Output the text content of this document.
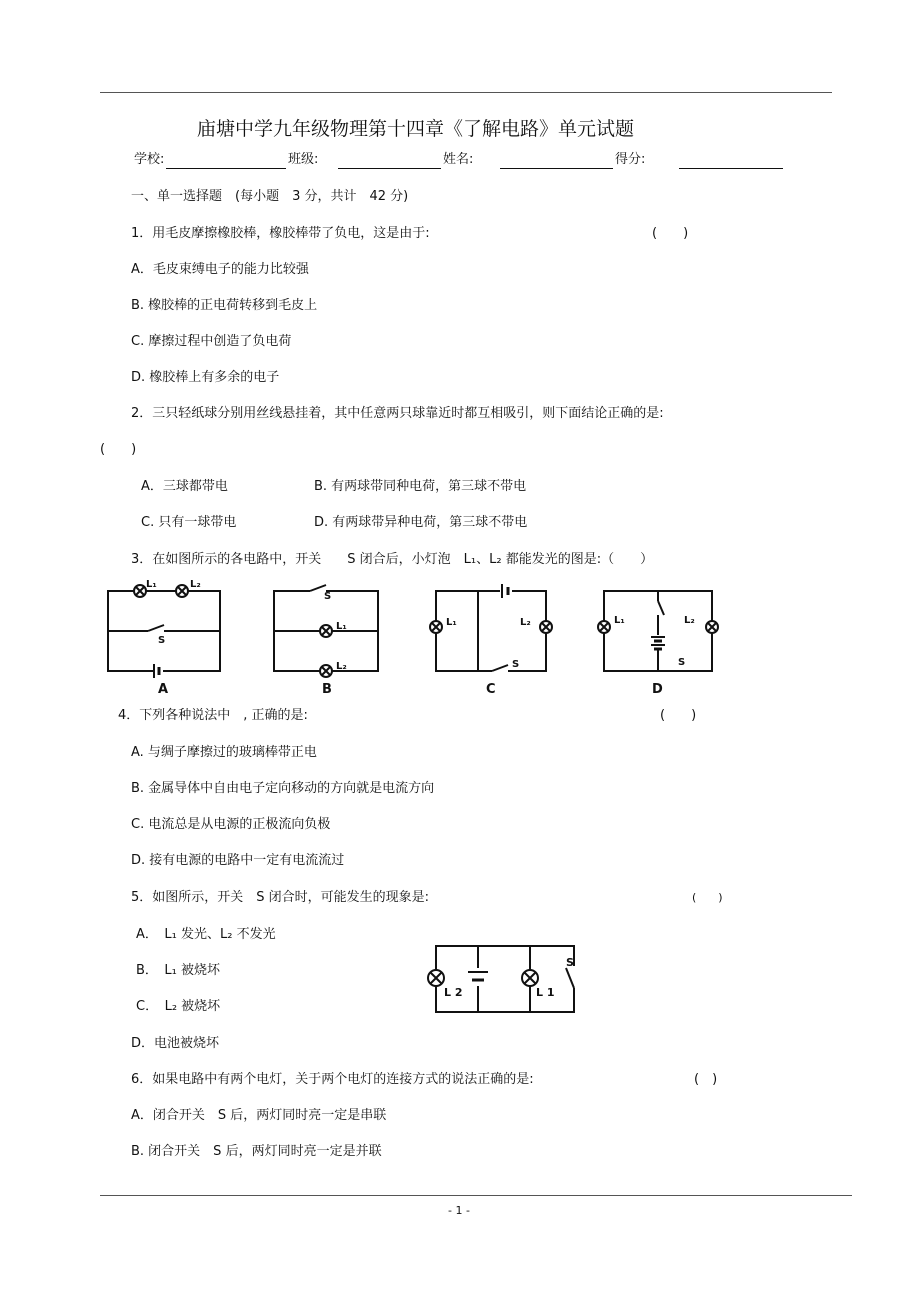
庙塘中学九年级物理第十四章《了解电路》单元试题
学校:	班级:	姓名:	得分:
一、单一选择题　(每小题　3 分，共计　42 分)
1．用毛皮摩擦橡胶棒，橡胶棒带了负电，这是由于:	(　　)
A．毛皮束缚电子的能力比较强
B. 橡胶棒的正电荷转移到毛皮上
C. 摩擦过程中创造了负电荷
D. 橡胶棒上有多余的电子
2．三只轻纸球分别用丝线悬挂着，其中任意两只球靠近时都互相吸引，则下面结论正确的是:
(　　)
A．三球都带电	B. 有两球带同种电荷，第三球不带电
C. 只有一球带电	D. 有两球带异种电荷，第三球不带电
3．在如图所示的各电路中，开关　　S 闭合后，小灯泡　L₁、L₂ 都能发光的图是:（　　）
L₁	L₂
S
A
S
L₁
L₂
B
L₁	L₂
S
C
L₁	L₂
S
D
4．下列各种说法中　, 正确的是:	(　　)
A. 与绸子摩擦过的玻璃棒带正电
B. 金属导体中自由电子定向移动的方向就是电流方向
C. 电流总是从电源的正极流向负极
D. 接有电源的电路中一定有电流流过
5．如图所示，开关　S 闭合时，可能发生的现象是:	(　　)
A．　L₁ 发光、L₂ 不发光
B．　L₁ 被烧坏
C．　L₂ 被烧坏
D．电池被烧坏
L 2	L 1
S
6．如果电路中有两个电灯，关于两个电灯的连接方式的说法正确的是:	(　)
A．闭合开关　S 后，两灯同时亮一定是串联
B. 闭合开关　S 后，两灯同时亮一定是并联
- 1 -
